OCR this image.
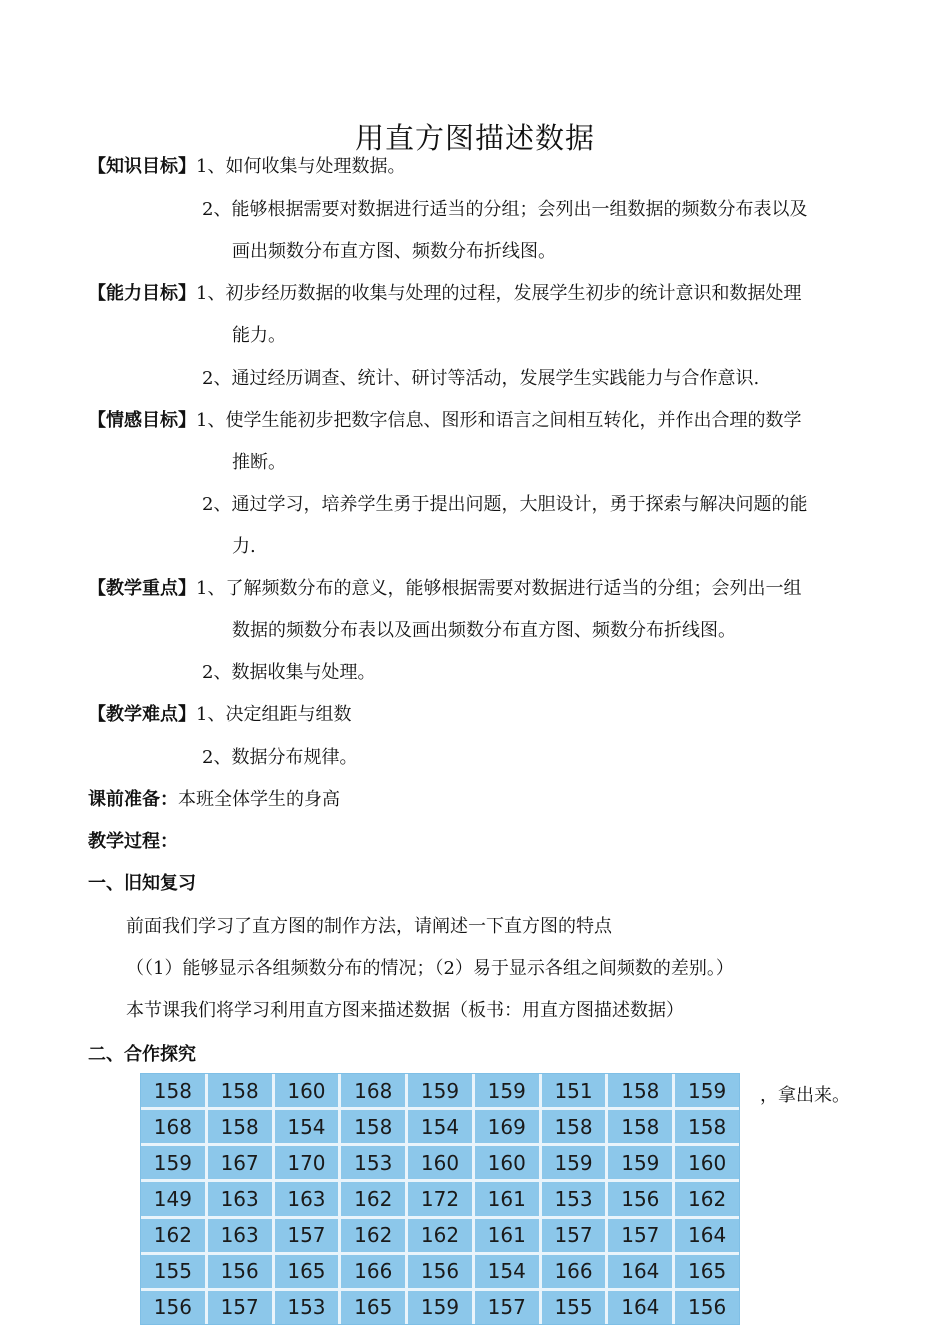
用直方图描述数据
【知识目标】1、如何收集与处理数据。
2、能够根据需要对数据进行适当的分组；会列出一组数据的频数分布表以及
画出频数分布直方图、频数分布折线图。
【能力目标】1、初步经历数据的收集与处理的过程，发展学生初步的统计意识和数据处理
能力。
2、通过经历调查、统计、研讨等活动，发展学生实践能力与合作意识.
【情感目标】1、使学生能初步把数字信息、图形和语言之间相互转化，并作出合理的数学
推断。
2、通过学习，培养学生勇于提出问题，大胆设计，勇于探索与解决问题的能
力.
【教学重点】1、了解频数分布的意义，能够根据需要对数据进行适当的分组；会列出一组
数据的频数分布表以及画出频数分布直方图、频数分布折线图。
2、数据收集与处理。
【教学难点】1、决定组距与组数
2、数据分布规律。
课前准备：本班全体学生的身高
教学过程：
一、旧知复习
前面我们学习了直方图的制作方法，请阐述一下直方图的特点
（（1）能够显示各组频数分布的情况；（2）易于显示各组之间频数的差别。）
本节课我们将学习利用直方图来描述数据（板书：用直方图描述数据）
二、合作探究
158	158	160	168	159	159	151	158	159
168	158	154	158	154	169	158	158	158
159	167	170	153	160	160	159	159	160
149	163	163	162	172	161	153	156	162
162	163	157	162	162	161	157	157	164
155	156	165	166	156	154	166	164	165
156	157	153	165	159	157	155	164	156
，拿出来。
